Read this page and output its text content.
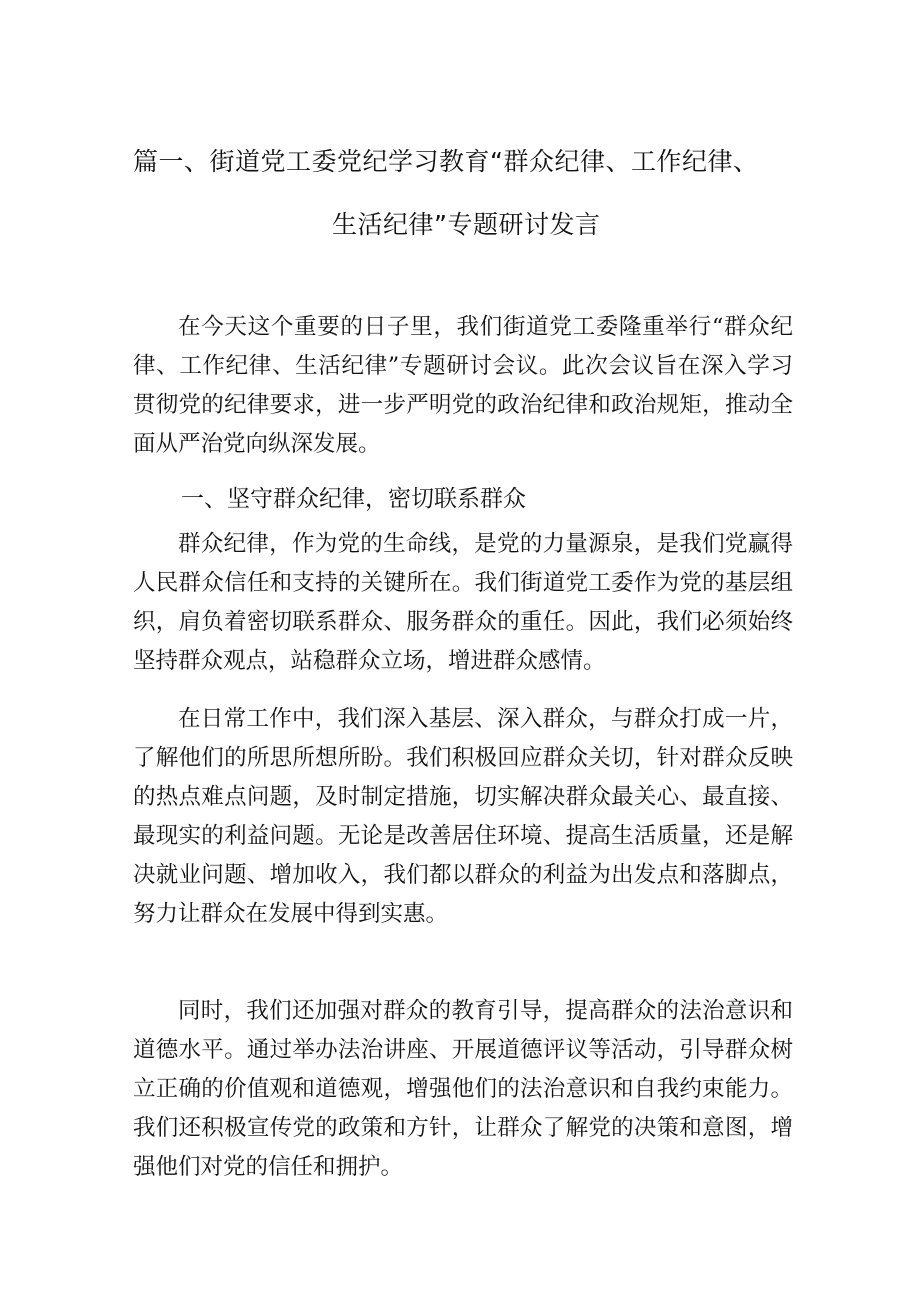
篇一、街道党工委党纪学习教育“群众纪律、工作纪律、
生活纪律”专题研讨发言

在今天这个重要的日子里，我们街道党工委隆重举行“群众纪律、工作纪律、生活纪律”专题研讨会议。此次会议旨在深入学习贯彻党的纪律要求，进一步严明党的政治纪律和政治规矩，推动全面从严治党向纵深发展。

一、坚守群众纪律，密切联系群众

群众纪律，作为党的生命线，是党的力量源泉，是我们党赢得人民群众信任和支持的关键所在。我们街道党工委作为党的基层组织，肩负着密切联系群众、服务群众的重任。因此，我们必须始终坚持群众观点，站稳群众立场，增进群众感情。

在日常工作中，我们深入基层、深入群众，与群众打成一片，了解他们的所思所想所盼。我们积极回应群众关切，针对群众反映的热点难点问题，及时制定措施，切实解决群众最关心、最直接、最现实的利益问题。无论是改善居住环境、提高生活质量，还是解决就业问题、增加收入，我们都以群众的利益为出发点和落脚点，努力让群众在发展中得到实惠。

同时，我们还加强对群众的教育引导，提高群众的法治意识和道德水平。通过举办法治讲座、开展道德评议等活动，引导群众树立正确的价值观和道德观，增强他们的法治意识和自我约束能力。我们还积极宣传党的政策和方针，让群众了解党的决策和意图，增强他们对党的信任和拥护。
